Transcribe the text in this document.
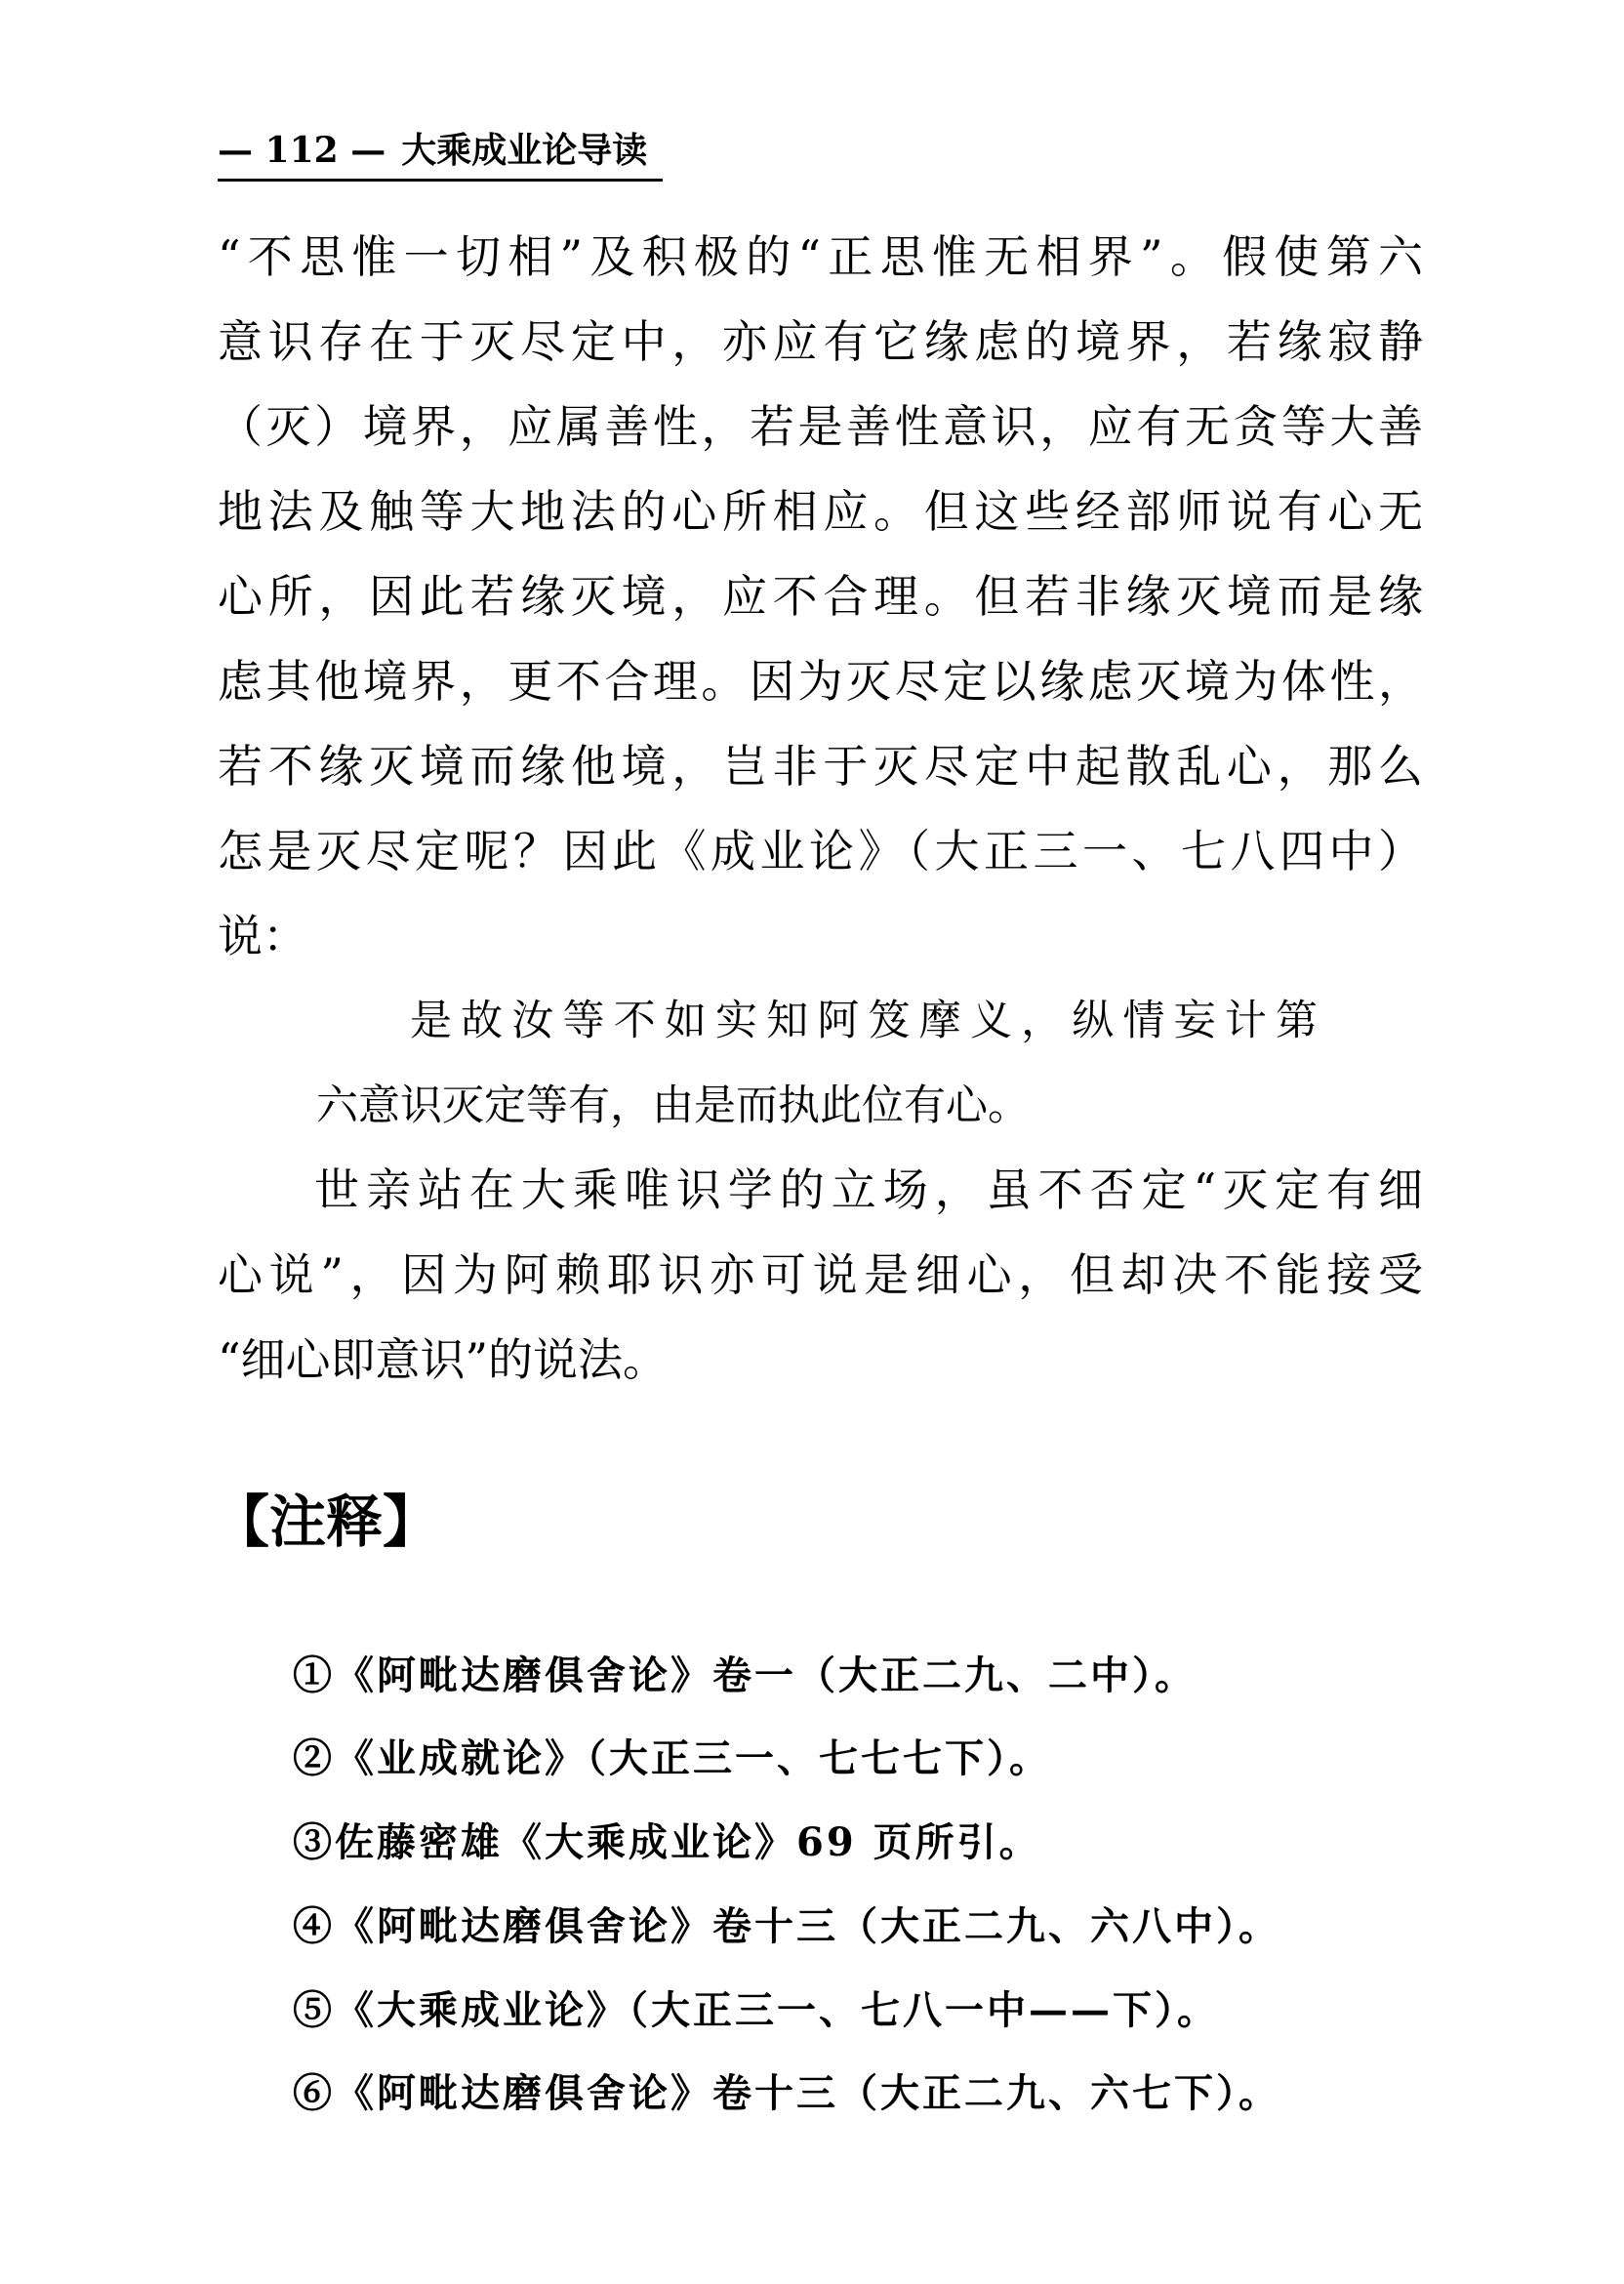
— 112 — 大乘成业论导读
“不思惟一切相”及积极的“正思惟无相界”。假使第六
意识存在于灭尽定中，亦应有它缘虑的境界，若缘寂静
（灭）境界，应属善性，若是善性意识，应有无贪等大善
地法及触等大地法的心所相应。但这些经部师说有心无
心所，因此若缘灭境，应不合理。但若非缘灭境而是缘
虑其他境界，更不合理。因为灭尽定以缘虑灭境为体性，
若不缘灭境而缘他境，岂非于灭尽定中起散乱心，那么
怎是灭尽定呢？因此《成业论》（大正三一、七八四中）
说：
是故汝等不如实知阿笈摩义，纵情妄计第
六意识灭定等有，由是而执此位有心。
世亲站在大乘唯识学的立场，虽不否定“灭定有细
心说”，因为阿赖耶识亦可说是细心，但却决不能接受
“细心即意识”的说法。
【注释】
①《阿毗达磨俱舍论》卷一（大正二九、二中）。
②《业成就论》（大正三一、七七七下）。
③佐藤密雄《大乘成业论》69 页所引。
④《阿毗达磨俱舍论》卷十三（大正二九、六八中）。
⑤《大乘成业论》（大正三一、七八一中——下）。
⑥《阿毗达磨俱舍论》卷十三（大正二九、六七下）。
